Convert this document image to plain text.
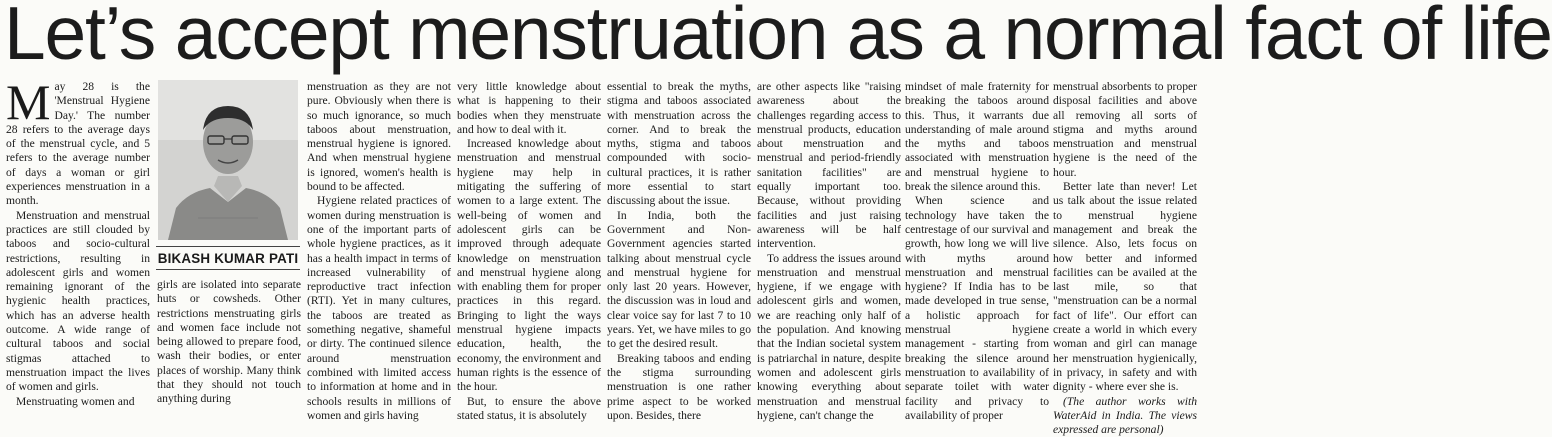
Let’s accept menstruation as a normal fact of life

May 28 is the 'Menstrual Hygiene Day.' The number 28 refers to the average days of the menstrual cycle, and 5 refers to the average number of days a woman or girl experiences menstruation in a month.

Menstruation and menstrual practices are still clouded by taboos and socio-cultural restrictions, resulting in adolescent girls and women remaining ignorant of the hygienic health practices, which has an adverse health outcome. A wide range of cultural taboos and social stigmas attached to menstruation impact the lives of women and girls.

Menstruating women and

BIKASH KUMAR PATI

girls are isolated into separate huts or cowsheds. Other restrictions menstruating girls and women face include not being allowed to prepare food, wash their bodies, or enter places of worship. Many think that they should not touch anything during

menstruation as they are not pure. Obviously when there is so much ignorance, so much taboos about menstruation, menstrual hygiene is ignored. And when menstrual hygiene is ignored, women's health is bound to be affected.

Hygiene related practices of women during menstruation is one of the important parts of whole hygiene practices, as it has a health impact in terms of increased vulnerability of reproductive tract infection (RTI). Yet in many cultures, the taboos are treated as something negative, shameful or dirty. The continued silence around menstruation combined with limited access to information at home and in schools results in millions of women and girls having

very little knowledge about what is happening to their bodies when they menstruate and how to deal with it.

Increased knowledge about menstruation and menstrual hygiene may help in mitigating the suffering of women to a large extent. The well-being of women and adolescent girls can be improved through adequate knowledge on menstruation and menstrual hygiene along with enabling them for proper practices in this regard. Bringing to light the ways menstrual hygiene impacts education, health, the economy, the environment and human rights is the essence of the hour.

But, to ensure the above stated status, it is absolutely

essential to break the myths, stigma and taboos associated with menstruation across the corner. And to break the myths, stigma and taboos compounded with socio-cultural practices, it is rather more essential to start discussing about the issue.

In India, both the Government and Non-Government agencies started talking about menstrual cycle and menstrual hygiene for only last 20 years. However, the discussion was in loud and clear voice say for last 7 to 10 years. Yet, we have miles to go to get the desired result.

Breaking taboos and ending the stigma surrounding menstruation is one rather prime aspect to be worked upon. Besides, there

are other aspects like "raising awareness about the challenges regarding access to menstrual products, education about menstruation and menstrual and period-friendly sanitation facilities" are equally important too. Because, without providing facilities and just raising awareness will be half intervention.

To address the issues around menstruation and menstrual hygiene, if we engage with adolescent girls and women, we are reaching only half of the population. And knowing that the Indian societal system is patriarchal in nature, despite women and adolescent girls knowing everything about menstruation and menstrual hygiene, can't change the

mindset of male fraternity for breaking the taboos around this. Thus, it warrants due understanding of male around the myths and taboos associated with menstruation and menstrual hygiene to break the silence around this.

When science and technology have taken the centrestage of our survival and growth, how long we will live with myths around menstruation and menstrual hygiene? If India has to be made developed in true sense, a holistic approach for menstrual hygiene management - starting from breaking the silence around menstruation to availability of separate toilet with water facility and privacy to availability of proper

menstrual absorbents to proper disposal facilities and above all removing all sorts of stigma and myths around menstruation and menstrual hygiene is the need of the hour.

Better late than never! Let us talk about the issue related to menstrual hygiene management and break the silence. Also, lets focus on how better and informed facilities can be availed at the last mile, so that "menstruation can be a normal fact of life". Our effort can create a world in which every woman and girl can manage her menstruation hygienically, in privacy, in safety and with dignity - where ever she is.

(The author works with WaterAid in India. The views expressed are personal)
